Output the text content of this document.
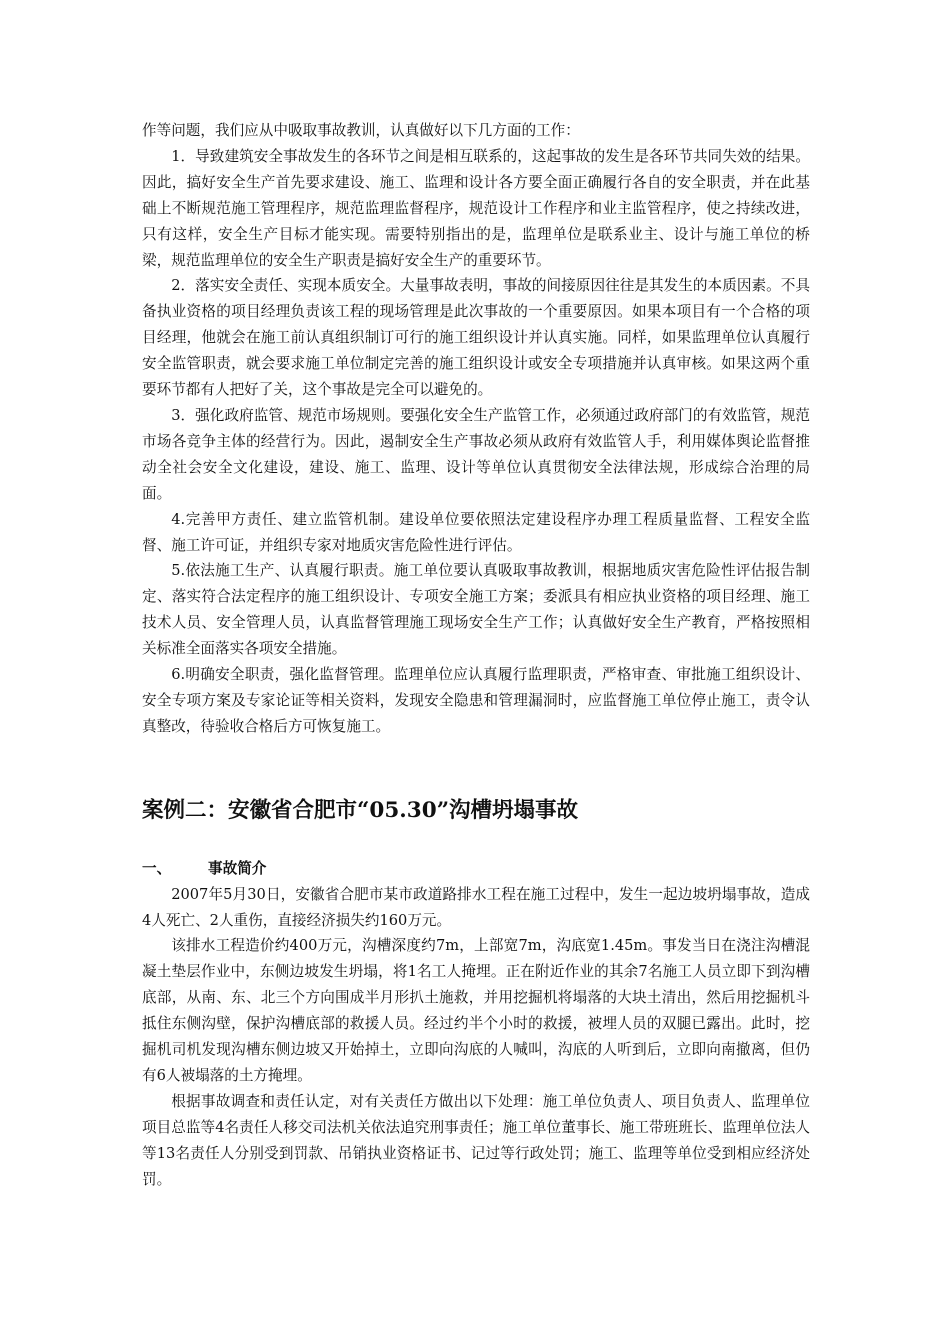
作等问题，我们应从中吸取事故教训，认真做好以下几方面的工作：

1．导致建筑安全事故发生的各环节之间是相互联系的，这起事故的发生是各环节共同失效的结果。因此，搞好安全生产首先要求建设、施工、监理和设计各方要全面正确履行各自的安全职责，并在此基础上不断规范施工管理程序，规范监理监督程序，规范设计工作程序和业主监管程序，使之持续改进，只有这样，安全生产目标才能实现。需要特别指出的是，监理单位是联系业主、设计与施工单位的桥梁，规范监理单位的安全生产职责是搞好安全生产的重要环节。

2．落实安全责任、实现本质安全。大量事故表明，事故的间接原因往往是其发生的本质因素。不具备执业资格的项目经理负责该工程的现场管理是此次事故的一个重要原因。如果本项目有一个合格的项目经理，他就会在施工前认真组织制订可行的施工组织设计并认真实施。同样，如果监理单位认真履行安全监管职责，就会要求施工单位制定完善的施工组织设计或安全专项措施并认真审核。如果这两个重要环节都有人把好了关，这个事故是完全可以避免的。

3．强化政府监管、规范市场规则。要强化安全生产监管工作，必须通过政府部门的有效监管，规范市场各竞争主体的经营行为。因此，遏制安全生产事故必须从政府有效监管人手，利用媒体舆论监督推动全社会安全文化建设，建设、施工、监理、设计等单位认真贯彻安全法律法规，形成综合治理的局面。

4.完善甲方责任、建立监管机制。建设单位要依照法定建设程序办理工程质量监督、工程安全监督、施工许可证，并组织专家对地质灾害危险性进行评估。

5.依法施工生产、认真履行职责。施工单位要认真吸取事故教训，根据地质灾害危险性评估报告制定、落实符合法定程序的施工组织设计、专项安全施工方案；委派具有相应执业资格的项目经理、施工技术人员、安全管理人员，认真监督管理施工现场安全生产工作；认真做好安全生产教育，严格按照相关标准全面落实各项安全措施。

6.明确安全职责，强化监督管理。监理单位应认真履行监理职责，严格审查、审批施工组织设计、安全专项方案及专家论证等相关资料，发现安全隐患和管理漏洞时，应监督施工单位停止施工，责令认真整改，待验收合格后方可恢复施工。

案例二：安徽省合肥市“05.30”沟槽坍塌事故
一、	事故简介

2007年5月30日，安徽省合肥市某市政道路排水工程在施工过程中，发生一起边坡坍塌事故，造成4人死亡、2人重伤，直接经济损失约160万元。

该排水工程造价约400万元，沟槽深度约7m，上部宽7m，沟底宽1.45m。事发当日在浇注沟槽混凝土垫层作业中，东侧边坡发生坍塌，将1名工人掩埋。正在附近作业的其余7名施工人员立即下到沟槽底部，从南、东、北三个方向围成半月形扒土施救，并用挖掘机将塌落的大块土清出，然后用挖掘机斗抵住东侧沟壁，保护沟槽底部的救援人员。经过约半个小时的救援，被埋人员的双腿已露出。此时，挖掘机司机发现沟槽东侧边坡又开始掉土，立即向沟底的人喊叫，沟底的人听到后，立即向南撤离，但仍有6人被塌落的土方掩埋。

根据事故调查和责任认定，对有关责任方做出以下处理：施工单位负责人、项目负责人、监理单位项目总监等4名责任人移交司法机关依法追究刑事责任；施工单位董事长、施工带班班长、监理单位法人等13名责任人分别受到罚款、吊销执业资格证书、记过等行政处罚；施工、监理等单位受到相应经济处罚。
